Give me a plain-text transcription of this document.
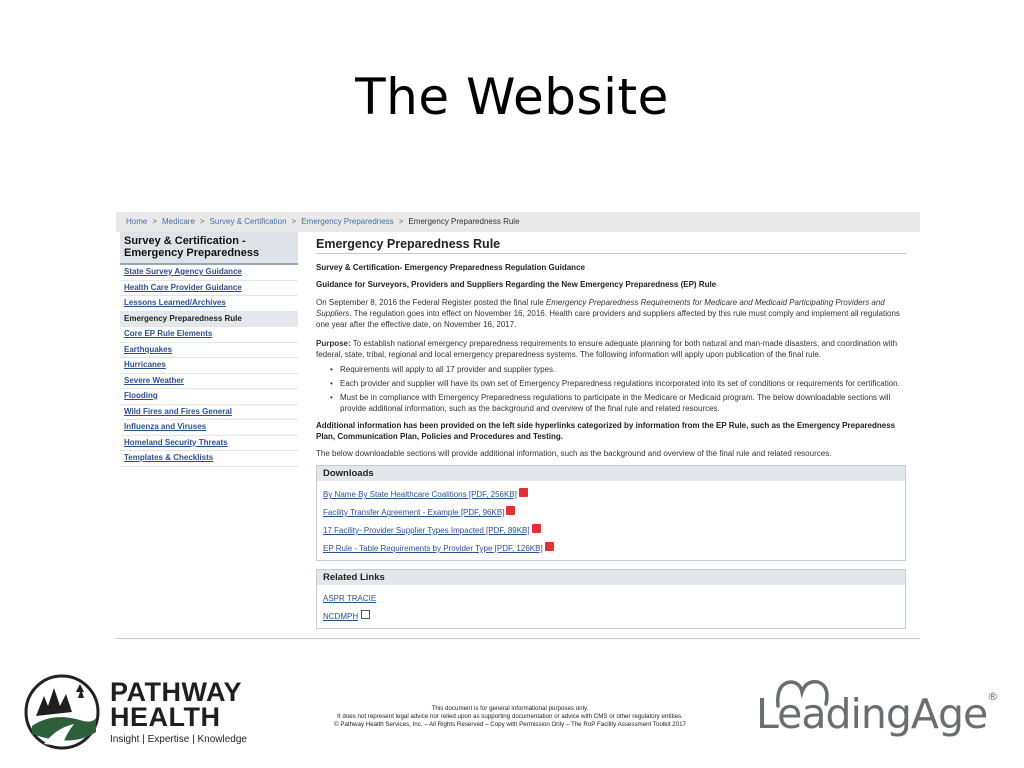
The Website
Home > Medicare > Survey & Certification > Emergency Preparedness > Emergency Preparedness Rule
Survey & Certification -
Emergency Preparedness
State Survey Agency Guidance
Health Care Provider Guidance
Lessons Learned/Archives
Emergency Preparedness Rule
Core EP Rule Elements
Earthquakes
Hurricanes
Severe Weather
Flooding
Wild Fires and Fires General
Influenza and Viruses
Homeland Security Threats
Templates & Checklists
Emergency Preparedness Rule
Survey & Certification- Emergency Preparedness Regulation Guidance
Guidance for Surveyors, Providers and Suppliers Regarding the New Emergency Preparedness (EP) Rule
On September 8, 2016 the Federal Register posted the final rule Emergency Preparedness Requirements for Medicare and Medicaid Participating Providers and Suppliers. The regulation goes into effect on November 16, 2016. Health care providers and suppliers affected by this rule must comply and implement all regulations one year after the effective date, on November 16, 2017.
Purpose: To establish national emergency preparedness requirements to ensure adequate planning for both natural and man-made disasters, and coordination with federal, state, tribal, regional and local emergency preparedness systems. The following information will apply upon publication of the final rule.
• Requirements will apply to all 17 provider and supplier types.
• Each provider and supplier will have its own set of Emergency Preparedness regulations incorporated into its set of conditions or requirements for certification.
• Must be in compliance with Emergency Preparedness regulations to participate in the Medicare or Medicaid program. The below downloadable sections will provide additional information, such as the background and overview of the final rule and related resources.
Additional information has been provided on the left side hyperlinks categorized by information from the EP Rule, such as the Emergency Preparedness Plan, Communication Plan, Policies and Procedures and Testing.
The below downloadable sections will provide additional information, such as the background and overview of the final rule and related resources.
Downloads
By Name By State Healthcare Coalitions [PDF, 256KB]
Facility Transfer Agreement - Example [PDF, 96KB]
17 Facility- Provider Supplier Types Impacted [PDF, 89KB]
EP Rule - Table Requirements by Provider Type [PDF, 126KB]
Related Links
ASPR TRACIE
NCDMPH
PATHWAY
HEALTH
Insight | Expertise | Knowledge
This document is for general informational purposes only.
It does not represent legal advice nor relied upon as supporting documentation or advice with CMS or other regulatory entities.
© Pathway Health Services, Inc. – All Rights Reserved – Copy with Permission Only – The RoP Facility Assessment Toolkit 2017	LeadingAge®
